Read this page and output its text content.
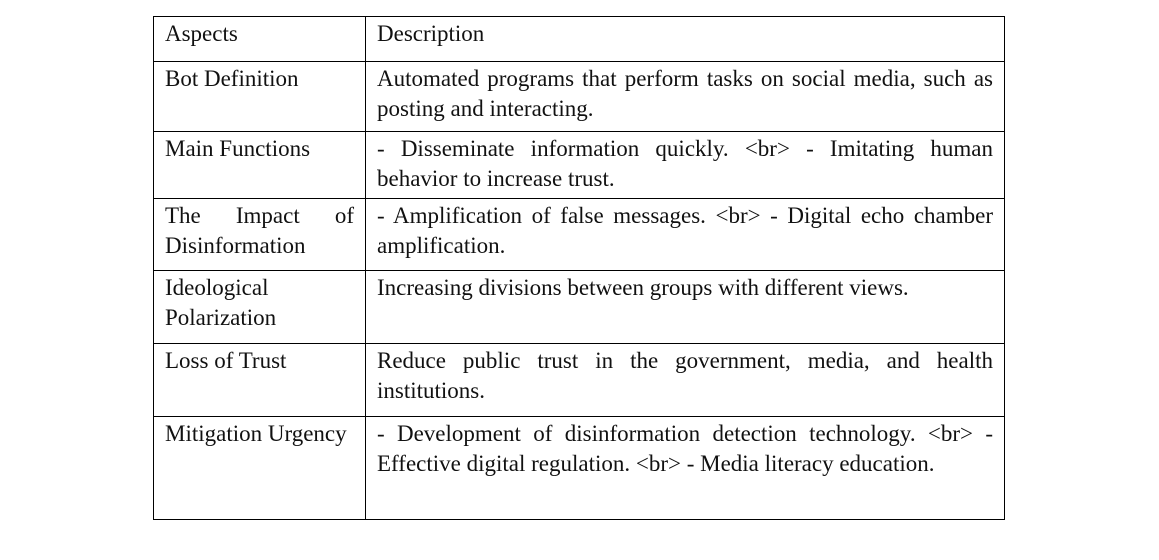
Aspects	Description
Bot Definition	Automated programs that perform tasks on social media, such as posting and interacting.
Main Functions	- Disseminate information quickly. <br> - Imitating human behavior to increase trust.
The Impact of Disinformation	- Amplification of false messages. <br> - Digital echo chamber amplification.
Ideological Polarization	Increasing divisions between groups with different views.
Loss of Trust	Reduce public trust in the government, media, and health institutions.
Mitigation Urgency	- Development of disinformation detection technology. <br> - Effective digital regulation. <br> - Media literacy education.
